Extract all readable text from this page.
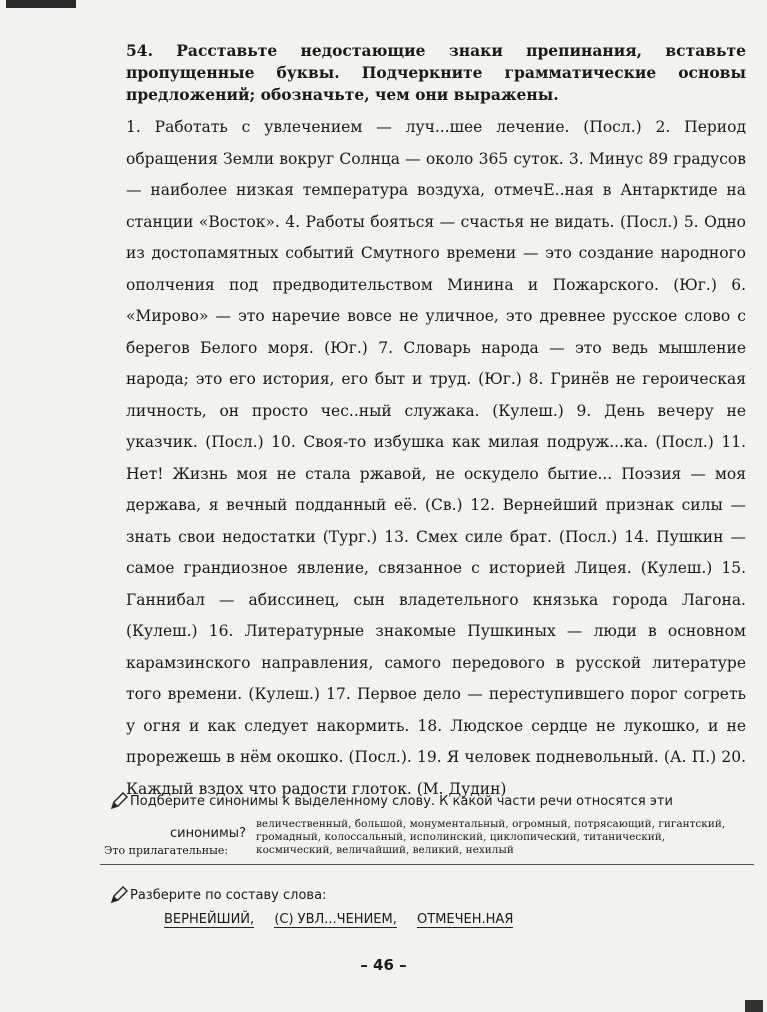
54. Расставьте недостающие знаки препинания, вставьте пропущенные буквы. Подчеркните грамматические основы предложений; обозначьте, чем они выражены.
1. Работать с увлечением — луч...шее лечение. (Посл.) 2. Период обращения Земли вокруг Солнца — около 365 суток. 3. Минус 89 градусов — наиболее низкая температура воздуха, отмечЕ..ная в Антарктиде на станции «Восток». 4. Работы бояться — счастья не видать. (Посл.) 5. Одно из достопамятных событий Смутного времени — это создание народного ополчения под предводительством Минина и Пожарского. (Юг.) 6. «Мирово» — это наречие вовсе не уличное, это древнее русское слово с берегов Белого моря. (Юг.) 7. Словарь народа — это ведь мышление народа; это его история, его быт и труд. (Юг.) 8. Гринёв не героическая личность, он просто чес..ный служака. (Кулеш.) 9. День вечеру не указчик. (Посл.) 10. Своя-то избушка как милая подруж...ка. (Посл.) 11. Нет! Жизнь моя не стала ржавой, не оскудело бытие... Поэзия — моя держава, я вечный подданный её. (Св.) 12. Вернейший признак силы — знать свои недостатки (Тург.) 13. Смех силе брат. (Посл.) 14. Пушкин — самое грандиозное явление, связанное с историей Лицея. (Кулеш.) 15. Ганнибал — абиссинец, сын владетельного князька города Лагона. (Кулеш.) 16. Литературные знакомые Пушкиных — люди в основном карамзинского направления, самого передового в русской литературе того времени. (Кулеш.) 17. Первое дело — переступившего порог согреть у огня и как следует накормить. 18. Людское сердце не лукошко, и не прорежешь в нём окошко. (Посл.). 19. Я человек подневольный. (А. П.) 20. Каждый вздох что радости глоток. (М. Дудин)
Подберите синонимы к выделенному слову. К какой части речи относятся эти
синонимы?
Это прилагательные:
величественный, большой, монументальный, огромный, потрясающий, гигантский, громадный, колоссальный, исполинский, циклопический, титанический, космический, величайший, великий, нехилый
Разберите по составу слова:
ВЕРНЕЙШИЙ, (С) УВЛ...ЧЕНИЕМ, ОТМЕЧЕН.НАЯ
– 46 –
